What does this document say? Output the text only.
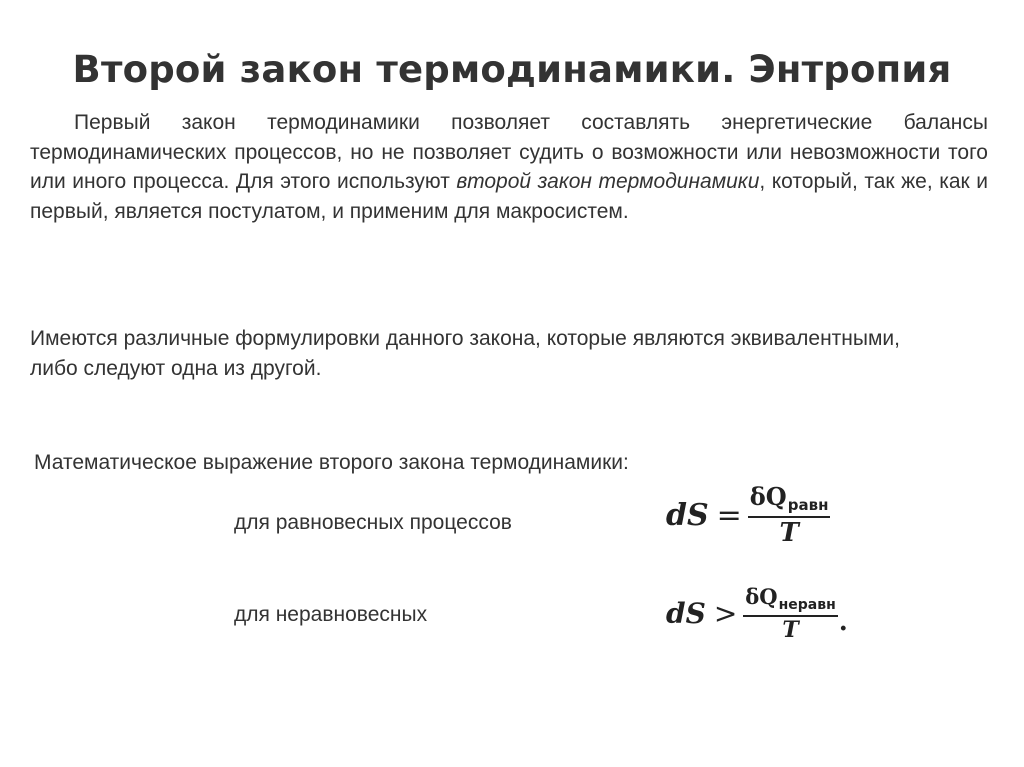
Второй закон термодинамики. Энтропия
Первый закон термодинамики позволяет составлять энергетические балансы термодинамических процессов, но не позволяет судить о возможности или невозможности того или иного процесса. Для этого используют второй закон термодинамики, который, так же, как и первый, является постулатом, и применим для макросистем.
Имеются различные формулировки данного закона, которые являются эквивалентными, либо следуют одна из другой.
Математическое выражение второго закона термодинамики:
для равновесных процессов	dS = $\frac{\delta Q_{равн}}{T}$
для неравновесных	dS > $\frac{\delta Q_{неравн}}{T}$ .
